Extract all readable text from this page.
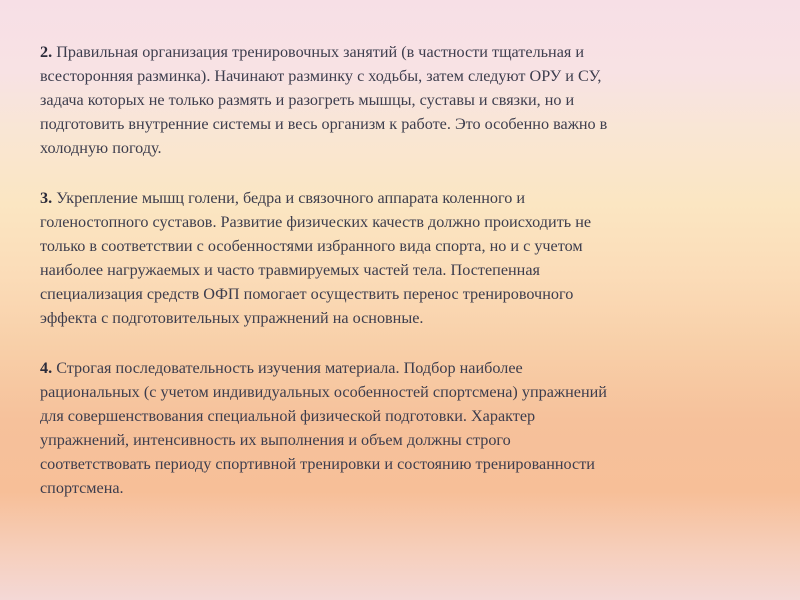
2. Правильная организация тренировочных занятий (в частности тщательная и
всесторонняя разминка). Начинают разминку с ходьбы, затем следуют ОРУ и СУ,
задача которых не только размять и разогреть мышцы, суставы и связки, но и
подготовить внутренние системы и весь организм к работе. Это особенно важно в
холодную погоду.

3. Укрепление мышц голени, бедра и связочного аппарата коленного и
голеностопного суставов. Развитие физических качеств должно происходить не
только в соответствии с особенностями избранного вида спорта, но и с учетом
наиболее нагружаемых и часто травмируемых частей тела. Постепенная
специализация средств ОФП помогает осуществить перенос тренировочного
эффекта с подготовительных упражнений на основные.

4. Строгая последовательность изучения материала. Подбор наиболее
рациональных (с учетом индивидуальных особенностей спортсмена) упражнений
для совершенствования специальной физической подготовки. Характер
упражнений, интенсивность их выполнения и объем должны строго
соответствовать периоду спортивной тренировки и состоянию тренированности
спортсмена.
